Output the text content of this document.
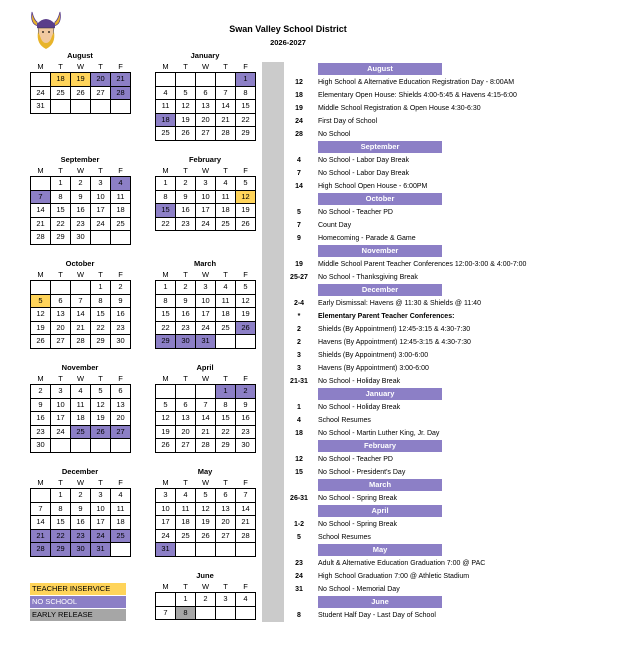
Swan Valley School District
2026-2027
August
M	T	W	T	F
	18	19	20	21
24	25	26	27	28
31				
January
M	T	W	T	F
				1
4	5	6	7	8
11	12	13	14	15
18	19	20	21	22
25	26	27	28	29
September
M	T	W	T	F
	1	2	3	4
7	8	9	10	11
14	15	16	17	18
21	22	23	24	25
28	29	30		
February
M	T	W	T	F
1	2	3	4	5
8	9	10	11	12
15	16	17	18	19
22	23	24	25	26
October
M	T	W	T	F
			1	2
5	6	7	8	9
12	13	14	15	16
19	20	21	22	23
26	27	28	29	30
March
M	T	W	T	F
1	2	3	4	5
8	9	10	11	12
15	16	17	18	19
22	23	24	25	26
29	30	31		
November
M	T	W	T	F
2	3	4	5	6
9	10	11	12	13
16	17	18	19	20
23	24	25	26	27
30				
April
M	T	W	T	F
			1	2
5	6	7	8	9
12	13	14	15	16
19	20	21	22	23
26	27	28	29	30
December
M	T	W	T	F
	1	2	3	4
7	8	9	10	11
14	15	16	17	18
21	22	23	24	25
28	29	30	31	
May
M	T	W	T	F
3	4	5	6	7
10	11	12	13	14
17	18	19	20	21
24	25	26	27	28
31				
June
M	T	W	T	F
	1	2	3	4
7	8			
TEACHER INSERVICE
NO SCHOOL
EARLY RELEASE
August
12	High School & Alternative Education Registration Day - 8:00AM
18	Elementary Open House: Shields 4:00-5:45 & Havens 4:15-6:00
19	Middle School Registration & Open House 4:30-6:30
24	First Day of School
28	No School
September
4	No School - Labor Day Break
7	No School - Labor Day Break
14	High School Open House - 6:00PM
October
5	No School - Teacher PD
7	Count Day
9	Homecoming - Parade & Game
November
19	Middle School Parent Teacher Conferences 12:00-3:00 & 4:00-7:00
25-27 No School - Thanksgiving Break
December
2-4	Early Dismissal: Havens @ 11:30 & Shields @ 11:40
*	Elementary Parent Teacher Conferences:
2	Shields (By Appointment) 12:45-3:15 & 4:30-7:30
2	Havens (By Appointment) 12:45-3:15 & 4:30-7:30
3	Shields (By Appointment) 3:00-6:00
3	Havens (By Appointment) 3:00-6:00
21-31 No School - Holiday Break
January
1	No School - Holiday Break
4	School Resumes
18	No School - Martin Luther King, Jr. Day
February
12	No School - Teacher PD
15	No School - President's Day
March
26-31 No School - Spring Break
April
1-2	No School - Spring Break
5	School Resumes
May
23	Adult & Alternative Education Graduation 7:00 @ PAC
24	High School Graduation 7:00 @ Athletic Stadium
31	No School - Memorial Day
June
8	Student Half Day - Last Day of School
